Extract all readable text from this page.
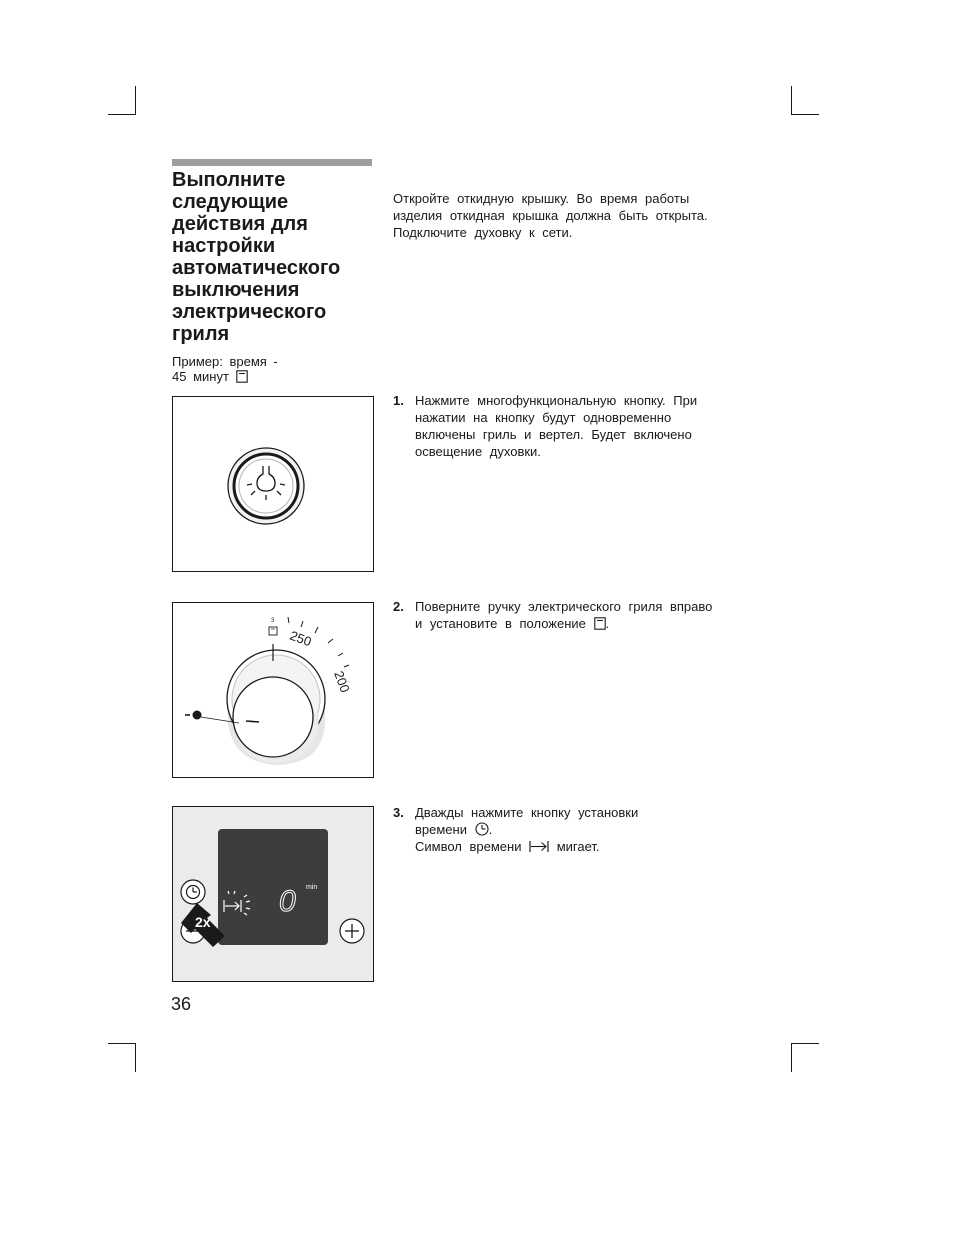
Выполните
следующие
действия для
настройки
автоматического
выключения
электрического
гриля
Пример: время -
45 минут
Откройте откидную крышку. Во время работы
изделия откидная крышка должна быть открыта.
Подключите духовку к сети.
1. Нажмите многофункциональную кнопку. При
нажатии на кнопку будут одновременно
включены гриль и вертел. Будет включено
освещение духовки.
2. Поверните ручку электрического гриля вправо
и установите в положение .
3. Дважды нажмите кнопку установки
времени .
Символ времени	мигает.
3
250
200
0 min
2x
36
